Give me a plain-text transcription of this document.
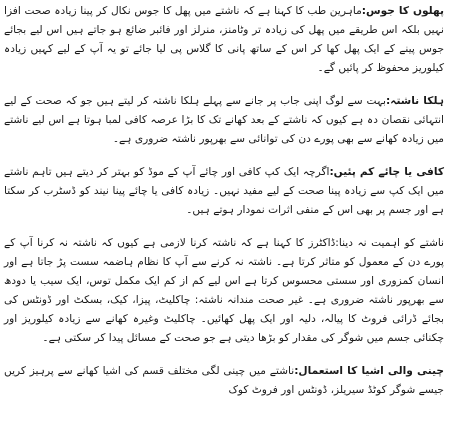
پھلوں کا جوس:ماہرین طب کا کہنا ہے کہ ناشتے میں پھل کا جوس نکال کر پینا زیادہ صحت افزا نہیں بلکہ اس طریقے میں پھل کی زیادہ تر وٹامنز، منرلز اور فائبر ضائع ہو جاتے ہیں اس لیے بجائے جوس پینے کے ایک پھل کھا کر اس کے ساتھ پانی کا گلاس پی لیا جائے تو یہ آپ کے لیے کہیں زیادہ کیلوریز محفوظ کر پائیں گے۔

ہلکا ناشتہ:بہت سے لوگ اپنی جاب پر جانے سے پہلے ہلکا ناشتہ کر لیتے ہیں جو کہ صحت کے لیے انتہائی نقصان دہ ہے کیوں کہ ناشتے کے بعد کھانے تک کا بڑا عرصہ کافی لمبا ہوتا ہے اس لیے ناشتے میں زیادہ کھانے سے بھی پورے دن کی توانائی سے بھرپور ناشتہ ضروری ہے۔

کافی یا چائے کم پئیں:اگرچہ ایک کپ کافی اور چائے آپ کے موڈ کو بہتر کر دیتے ہیں تاہم ناشتے میں ایک کپ سے زیادہ پینا صحت کے لیے مفید نہیں۔ زیادہ کافی یا چائے پینا نیند کو ڈسٹرب کر سکتا ہے اور جسم پر بھی اس کے منفی اثرات نمودار ہوتے ہیں۔

ناشتے کو اہمیت نہ دینا:ڈاکٹرز کا کہنا ہے کہ ناشتہ کرنا لازمی ہے کیوں کہ ناشتہ نہ کرنا آپ کے پورے دن کے معمول کو متاثر کرتا ہے۔ ناشتہ نہ کرنے سے آپ کا نظام ہاضمہ سست پڑ جاتا ہے اور انسان کمزوری اور سستی محسوس کرتا ہے اس لیے کم از کم ایک مکمل توس، ایک سیب یا دودھ سے بھرپور ناشتہ ضروری ہے۔ غیر صحت مندانہ ناشتہ: چاکلیٹ، پیزا، کیک، بسکٹ اور ڈونٹس کی بجائے ڈرائی فروٹ کا پیالہ، دلیہ اور ایک پھل کھائیں۔ چاکلیٹ وغیرہ کھانے سے زیادہ کیلوریز اور چکنائی جسم میں شوگر کی مقدار کو بڑھا دیتی ہے جو صحت کے مسائل پیدا کر سکتی ہے۔

چینی والی اشیا کا استعمال:ناشتے میں چینی لگی مختلف قسم کی اشیا کھانے سے پرہیز کریں جیسے شوگر کوٹڈ سیریلز، ڈونٹس اور فروٹ کوک
